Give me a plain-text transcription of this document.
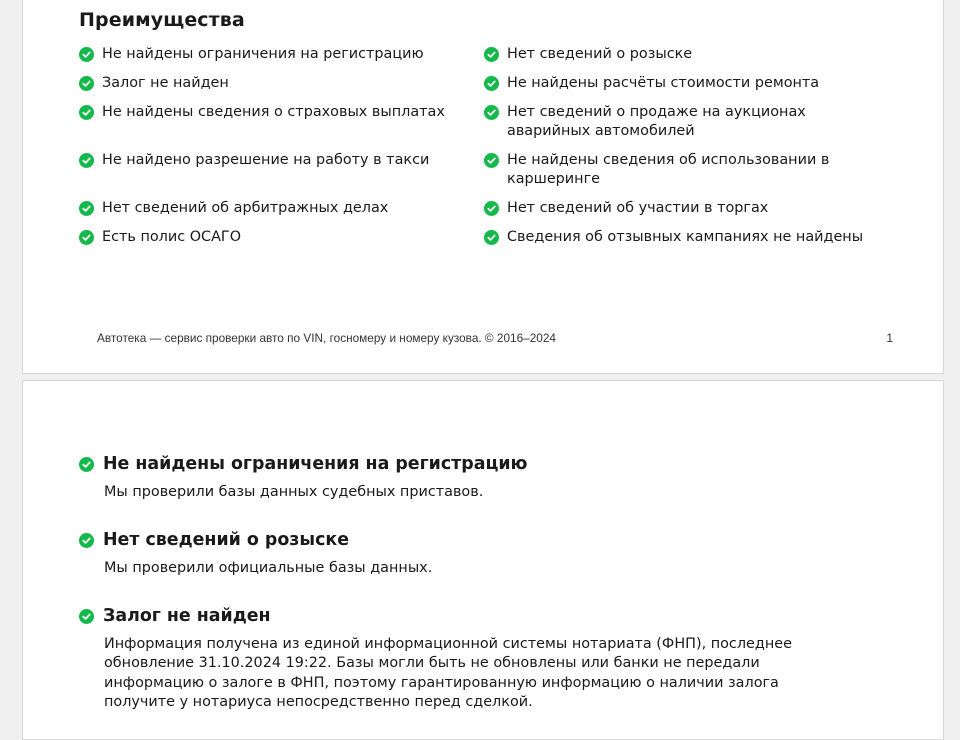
Преимущества
Не найдены ограничения на регистрацию	Нет сведений о розыске
Залог не найден	Не найдены расчёты стоимости ремонта
Не найдены сведения о страховых выплатах	Нет сведений о продаже на аукционах аварийных автомобилей
Не найдено разрешение на работу в такси	Не найдены сведения об использовании в каршеринге
Нет сведений об арбитражных делах	Нет сведений об участии в торгах
Есть полис ОСАГО	Сведения об отзывных кампаниях не найдены
Автотека — сервис проверки авто по VIN, госномеру и номеру кузова. © 2016–2024	1
Не найдены ограничения на регистрацию
Мы проверили базы данных судебных приставов.
Нет сведений о розыске
Мы проверили официальные базы данных.
Залог не найден
Информация получена из единой информационной системы нотариата (ФНП), последнее обновление 31.10.2024 19:22. Базы могли быть не обновлены или банки не передали информацию о залоге в ФНП, поэтому гарантированную информацию о наличии залога получите у нотариуса непосредственно перед сделкой.
